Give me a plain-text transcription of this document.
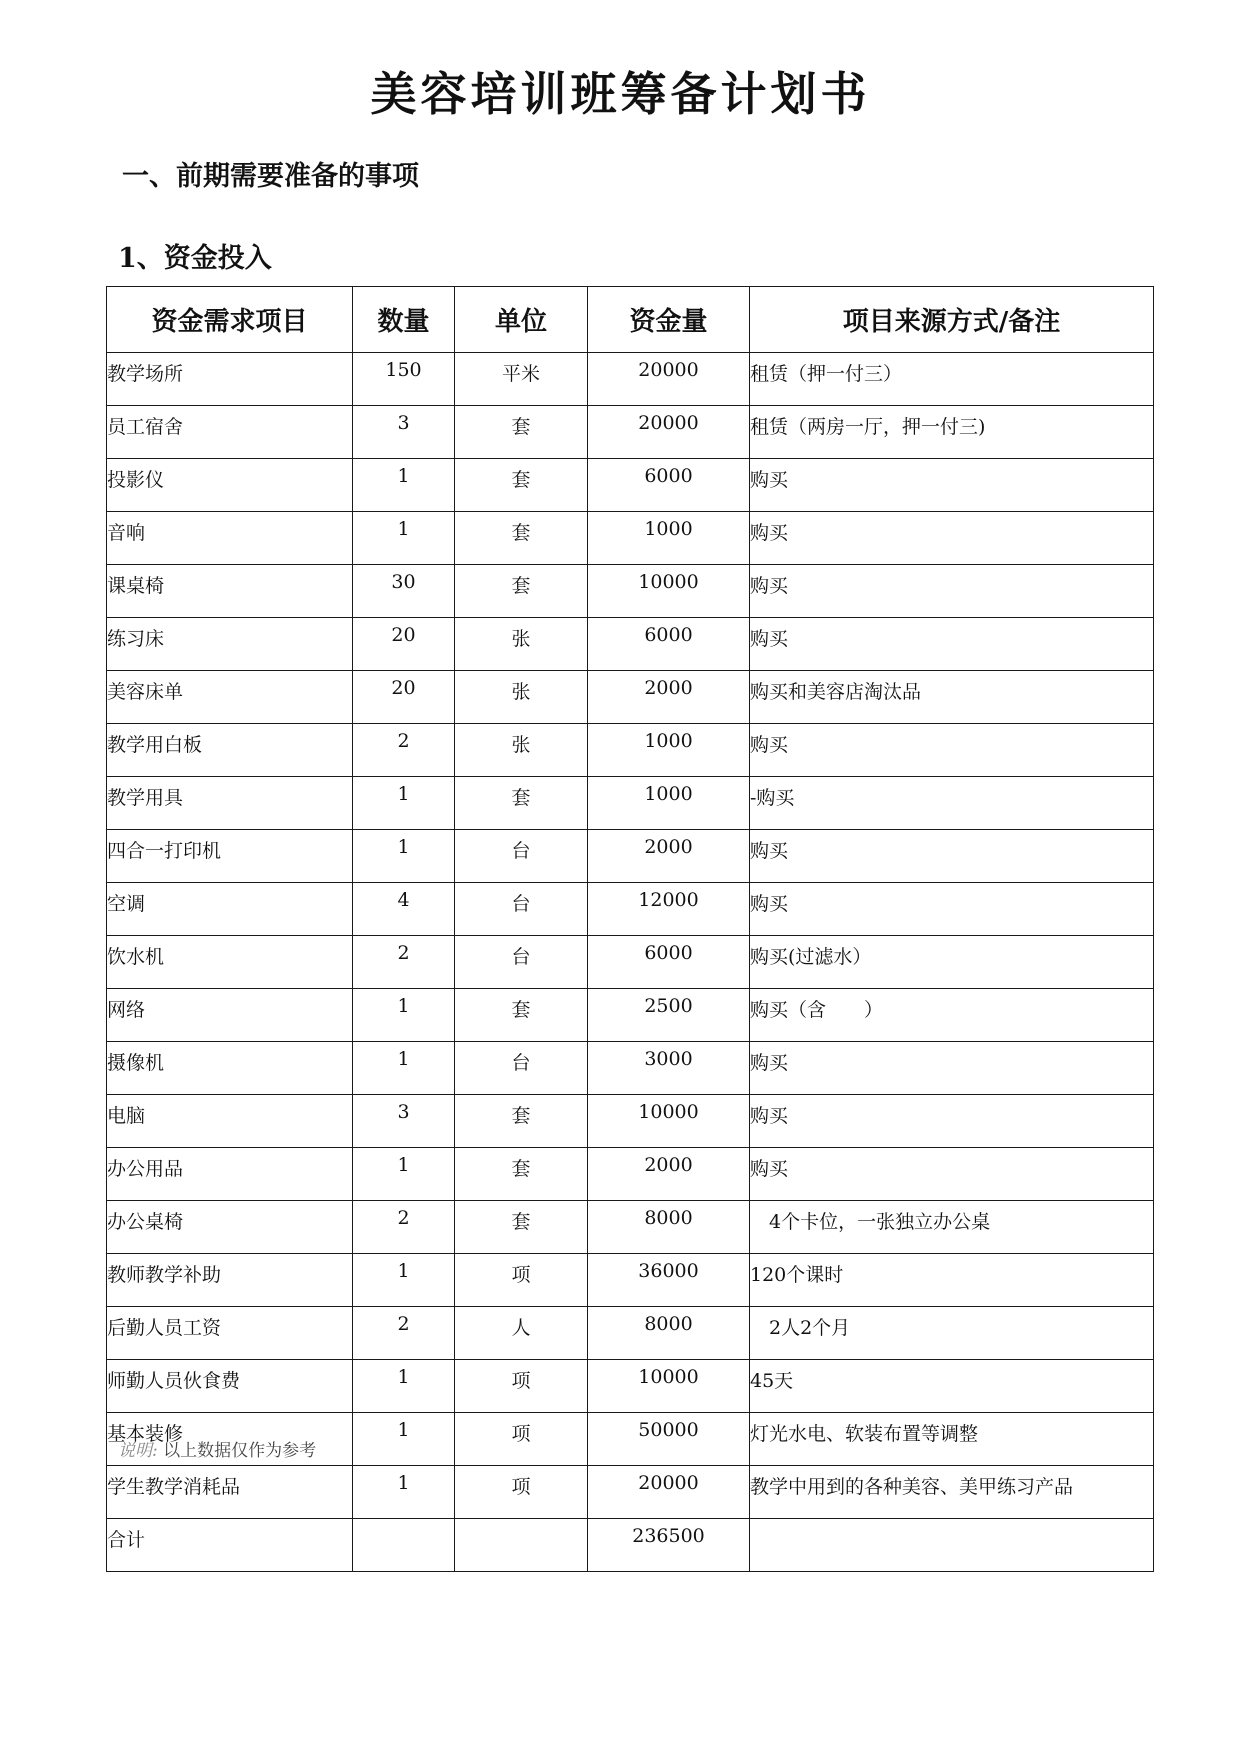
美容培训班筹备计划书
一、前期需要准备的事项
1、资金投入
资金需求项目	数量	单位	资金量	项目来源方式/备注
教学场所	150	平米	20000	租赁（押一付三）
员工宿舍	3	套	20000	租赁（两房一厅，押一付三)
投影仪	1	套	6000	购买
音响	1	套	1000	购买
课桌椅	30	套	10000	购买
练习床	20	张	6000	购买
美容床单	20	张	2000	购买和美容店淘汰品
教学用白板	2	张	1000	购买
教学用具	1	套	1000	-购买
四合一打印机	1	台	2000	购买
空调	4	台	12000	购买
饮水机	2	台	6000	购买(过滤水）
网络	1	套	2500	购买（含　　）
摄像机	1	台	3000	购买
电脑	3	套	10000	购买
办公用品	1	套	2000	购买
办公桌椅	2	套	8000	　4个卡位，一张独立办公桌
教师教学补助	1	项	36000	120个课时
后勤人员工资	2	人	8000	　2人2个月
师勤人员伙食费	1	项	10000	45天
基本装修	1	项	50000	灯光水电、软装布置等调整
学生教学消耗品	1	项	20000	教学中用到的各种美容、美甲练习产品
合计			236500	
说明: 以上数据仅作为参考
